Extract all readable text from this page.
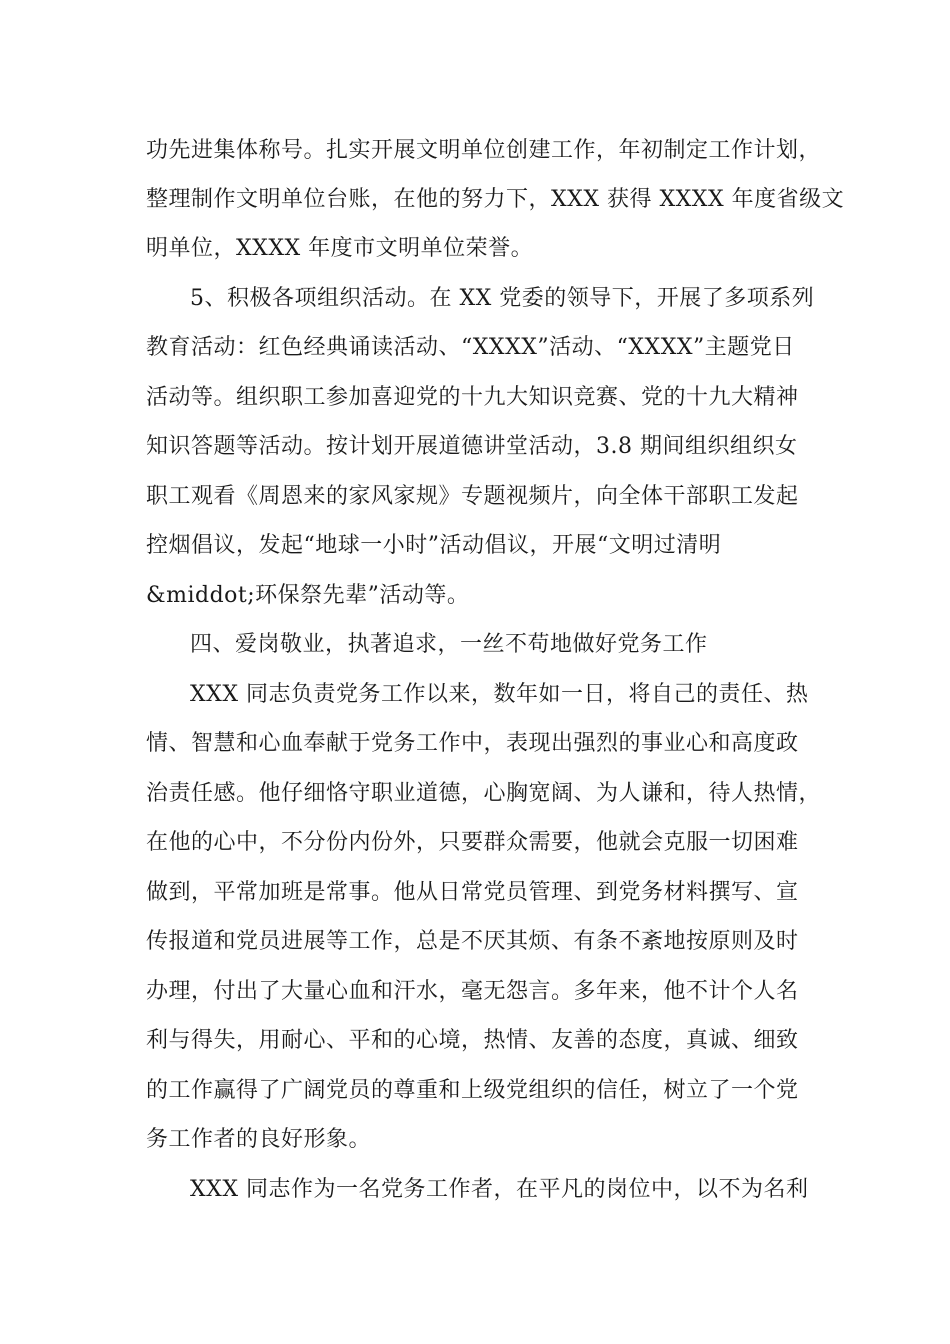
功先进集体称号。扎实开展文明单位创建工作，年初制定工作计划，
整理制作文明单位台账，在他的努力下，XXX 获得 XXXX 年度省级文
明单位，XXXX 年度市文明单位荣誉。
5、积极各项组织活动。在 XX 党委的领导下，开展了多项系列
教育活动：红色经典诵读活动、“XXXX”活动、“XXXX”主题党日
活动等。组织职工参加喜迎党的十九大知识竞赛、党的十九大精神
知识答题等活动。按计划开展道德讲堂活动，3.8 期间组织组织女
职工观看《周恩来的家风家规》专题视频片，向全体干部职工发起
控烟倡议，发起“地球一小时”活动倡议，开展“文明过清明
&middot;环保祭先辈”活动等。
四、爱岗敬业，执著追求，一丝不苟地做好党务工作
XXX 同志负责党务工作以来，数年如一日，将自己的责任、热
情、智慧和心血奉献于党务工作中，表现出强烈的事业心和高度政
治责任感。他仔细恪守职业道德，心胸宽阔、为人谦和，待人热情，
在他的心中，不分份内份外，只要群众需要，他就会克服一切困难
做到，平常加班是常事。他从日常党员管理、到党务材料撰写、宣
传报道和党员进展等工作，总是不厌其烦、有条不紊地按原则及时
办理，付出了大量心血和汗水，毫无怨言。多年来，他不计个人名
利与得失，用耐心、平和的心境，热情、友善的态度，真诚、细致
的工作赢得了广阔党员的尊重和上级党组织的信任，树立了一个党
务工作者的良好形象。
XXX 同志作为一名党务工作者，在平凡的岗位中，以不为名利
